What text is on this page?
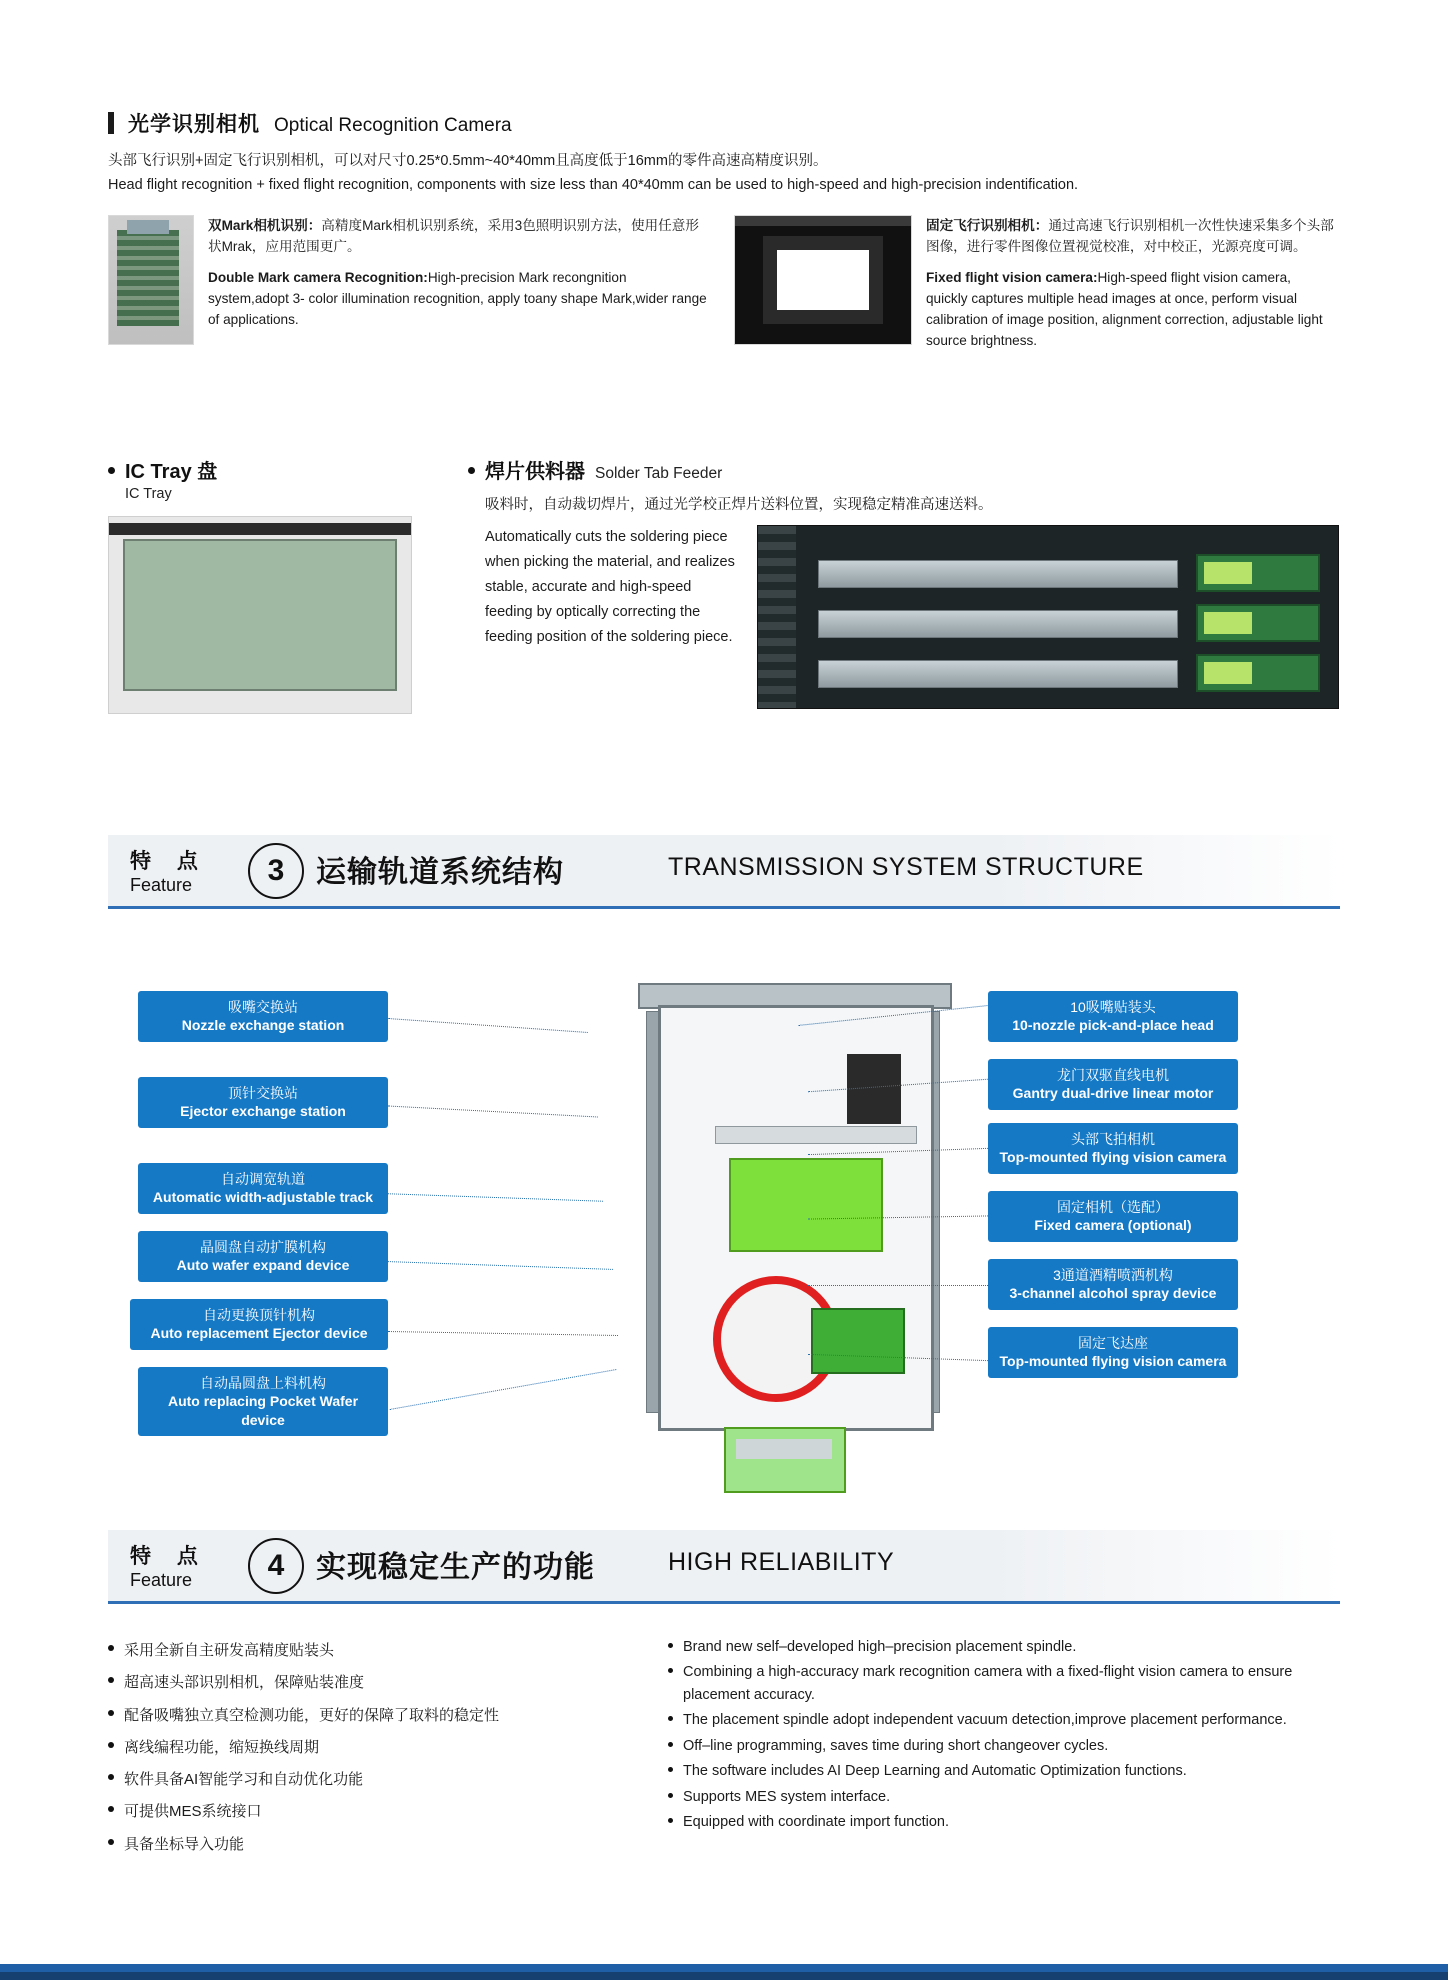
光学识别相机 Optical Recognition Camera
头部飞行识别+固定飞行识别相机，可以对尺寸0.25*0.5mm~40*40mm且高度低于16mm的零件高速高精度识别。
Head flight recognition + fixed flight recognition, components with size less than 40*40mm can be used to high-speed and high-precision indentification.
双Mark相机识别：高精度Mark相机识别系统，采用3色照明识别方法，使用任意形状Mrak，应用范围更广。
Double Mark camera Recognition:High-precision Mark recongnition system,adopt 3- color illumination recognition, apply toany shape Mark,wider range of applications.
固定飞行识别相机：通过高速飞行识别相机一次性快速采集多个头部图像，进行零件图像位置视觉校准，对中校正，光源亮度可调。
Fixed flight vision camera:High-speed flight vision camera, quickly captures multiple head images at once, perform visual calibration of image position, alignment correction, adjustable light source brightness.
IC Tray 盘
IC Tray
焊片供料器 Solder Tab Feeder
吸料时，自动裁切焊片，通过光学校正焊片送料位置，实现稳定精准高速送料。
Automatically cuts the soldering piece when picking the material, and realizes stable, accurate and high-speed feeding by optically correcting the feeding position of the soldering piece.
特 点
Feature	3	运输轨道系统结构	TRANSMISSION SYSTEM STRUCTURE
吸嘴交换站
Nozzle exchange station
顶针交换站
Ejector exchange station
自动调宽轨道
Automatic width-adjustable track
晶圆盘自动扩膜机构
Auto wafer expand device
自动更换顶针机构
Auto replacement Ejector device
自动晶圆盘上料机构
Auto replacing Pocket Wafer device
10吸嘴贴装头
10-nozzle pick-and-place head
龙门双驱直线电机
Gantry dual-drive linear motor
头部飞拍相机
Top-mounted flying vision camera
固定相机（选配）
Fixed camera (optional)
3通道酒精喷洒机构
3-channel alcohol spray device
固定飞达座
Top-mounted flying vision camera
特 点
Feature	4	实现稳定生产的功能	HIGH RELIABILITY
采用全新自主研发高精度贴装头
超高速头部识别相机，保障贴装准度
配备吸嘴独立真空检测功能，更好的保障了取料的稳定性
离线编程功能，缩短换线周期
软件具备AI智能学习和自动优化功能
可提供MES系统接口
具备坐标导入功能
Brand new self–developed high–precision placement spindle.
Combining a high-accuracy mark recognition camera with a fixed-flight vision camera to ensure placement accuracy.
The placement spindle adopt independent vacuum detection,improve placement performance.
Off–line programming, saves time during short changeover cycles.
The software includes AI Deep Learning and Automatic Optimization functions.
Supports MES system interface.
Equipped with coordinate import function.
